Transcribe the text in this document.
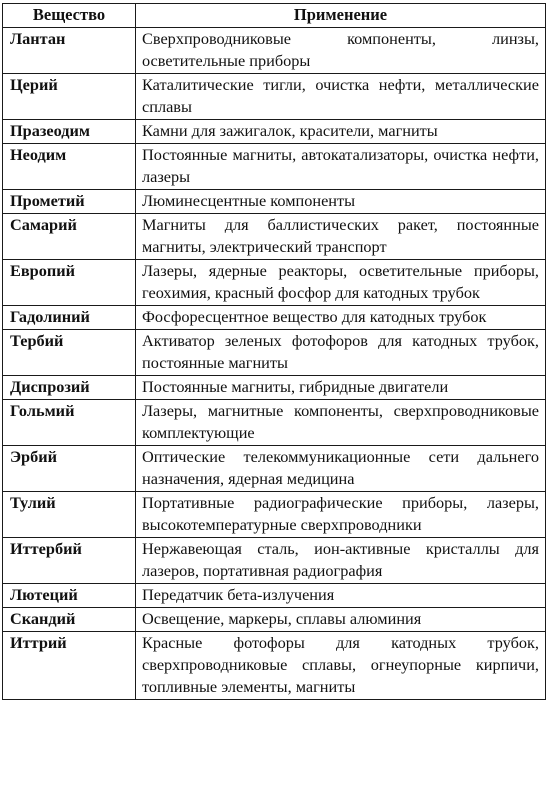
Вещество	Применение
Лантан	Сверхпроводниковые компоненты, линзы, осветительные приборы
Церий	Каталитические тигли, очистка нефти, металлические сплавы
Празеодим	Камни для зажигалок, красители, магниты
Неодим	Постоянные магниты, автокатализаторы, очистка нефти, лазеры
Прометий	Люминесцентные компоненты
Самарий	Магниты для баллистических ракет, постоянные магниты, электрический транспорт
Европий	Лазеры, ядерные реакторы, осветительные приборы, геохимия, красный фосфор для катодных трубок
Гадолиний	Фосфоресцентное вещество для катодных трубок
Тербий	Активатор зеленых фотофоров для катодных трубок, постоянные магниты
Диспрозий	Постоянные магниты, гибридные двигатели
Гольмий	Лазеры, магнитные компоненты, сверхпроводниковые комплектующие
Эрбий	Оптические телекоммуникационные сети дальнего назначения, ядерная медицина
Тулий	Портативные радиографические приборы, лазеры, высокотемпературные сверхпроводники
Иттербий	Нержавеющая сталь, ион-активные кристаллы для лазеров, портативная радиография
Лютеций	Передатчик бета-излучения
Скандий	Освещение, маркеры, сплавы алюминия
Иттрий	Красные фотофоры для катодных трубок, сверхпроводниковые сплавы, огнеупорные кирпичи, топливные элементы, магниты
